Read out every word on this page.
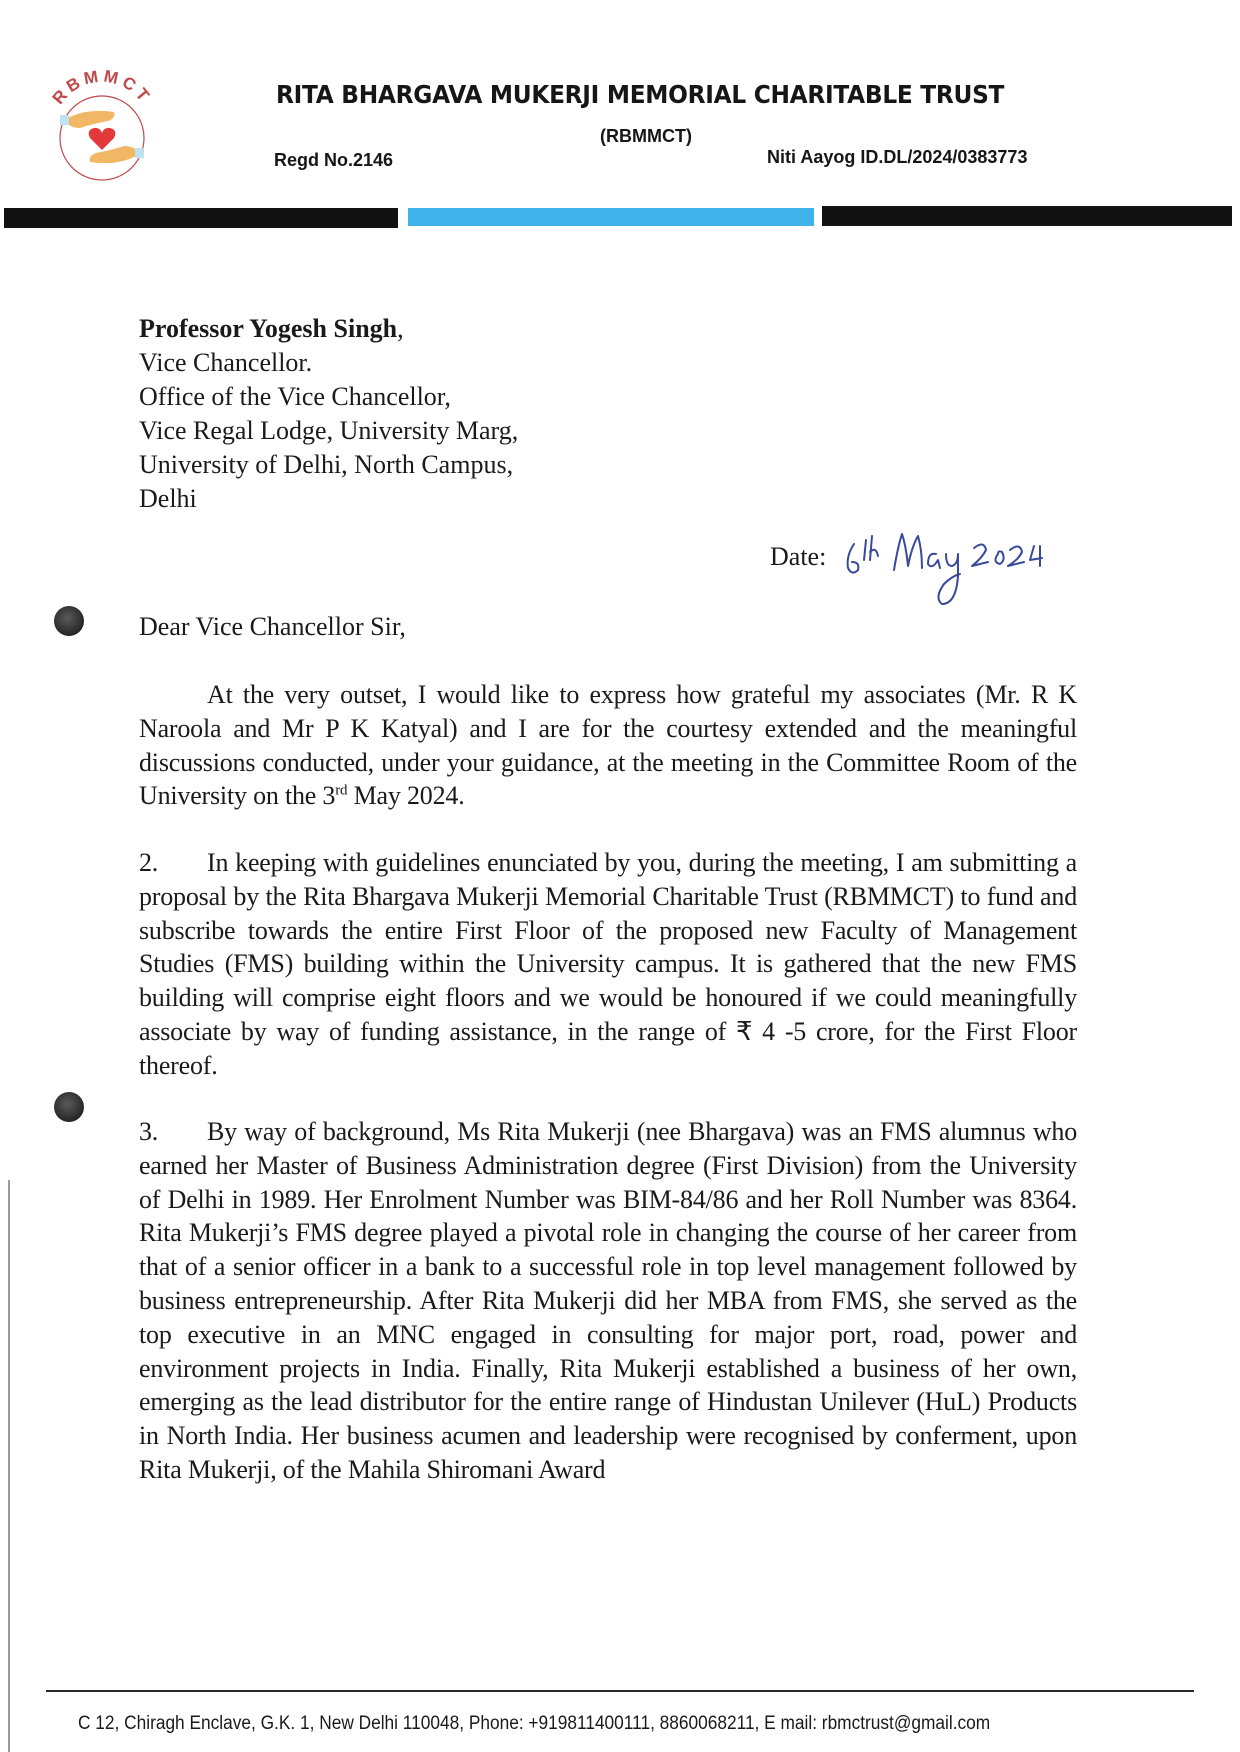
RBMMCT	RITA BHARGAVA MUKERJI MEMORIAL CHARITABLE TRUST
(RBMMCT)
Regd No.2146	Niti Aayog ID.DL/2024/0383773
Professor Yogesh Singh,
Vice Chancellor.
Office of the Vice Chancellor,
Vice Regal Lodge, University Marg,
University of Delhi, North Campus,
Delhi
Date:
Dear Vice Chancellor Sir,
At the very outset, I would like to express how grateful my associates (Mr. R K Naroola and Mr P K Katyal) and I are for the courtesy extended and the meaningful discussions conducted, under your guidance, at the meeting in the Committee Room of the University on the 3rd May 2024.
2. In keeping with guidelines enunciated by you, during the meeting, I am submitting a proposal by the Rita Bhargava Mukerji Memorial Charitable Trust (RBMMCT) to fund and subscribe towards the entire First Floor of the proposed new Faculty of Management Studies (FMS) building within the University campus. It is gathered that the new FMS building will comprise eight floors and we would be honoured if we could meaningfully associate by way of funding assistance, in the range of ₹ 4 -5 crore, for the First Floor thereof.
3. By way of background, Ms Rita Mukerji (nee Bhargava) was an FMS alumnus who earned her Master of Business Administration degree (First Division) from the University of Delhi in 1989. Her Enrolment Number was BIM-84/86 and her Roll Number was 8364. Rita Mukerji’s FMS degree played a pivotal role in changing the course of her career from that of a senior officer in a bank to a successful role in top level management followed by business entrepreneurship. After Rita Mukerji did her MBA from FMS, she served as the top executive in an MNC engaged in consulting for major port, road, power and environment projects in India. Finally, Rita Mukerji established a business of her own, emerging as the lead distributor for the entire range of Hindustan Unilever (HuL) Products in North India. Her business acumen and leadership were recognised by conferment, upon Rita Mukerji, of the Mahila Shiromani Award
C 12, Chiragh Enclave, G.K. 1, New Delhi 110048, Phone: +919811400111, 8860068211, E mail: rbmctrust@gmail.com
